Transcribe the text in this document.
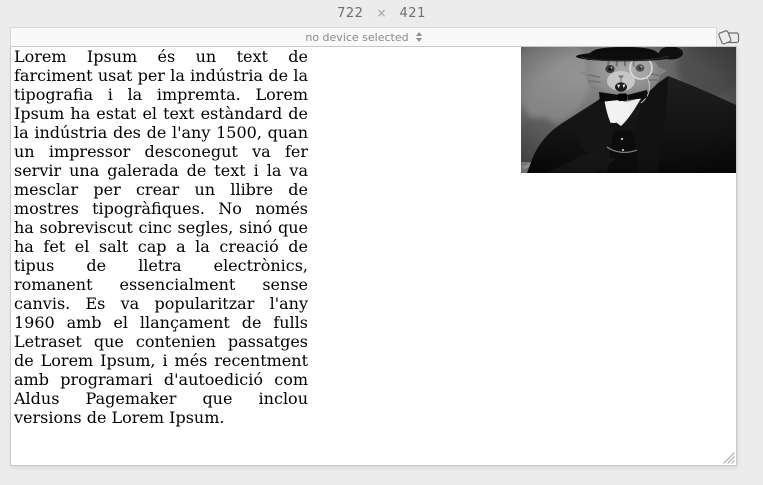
722 × 421
no device selected

Lorem Ipsum és un text de farciment usat per la indústria de la tipografia i la impremta. Lorem Ipsum ha estat el text estàndard de la indústria des de l'any 1500, quan un impressor desconegut va fer servir una galerada de text i la va mesclar per crear un llibre de mostres tipogràfiques. No només ha sobreviscut cinc segles, sinó que ha fet el salt cap a la creació de tipus de lletra electrònics, romanent essencialment sense canvis. Es va popularitzar l'any 1960 amb el llançament de fulls Letraset que contenien passatges de Lorem Ipsum, i més recentment amb programari d'autoedició com Aldus Pagemaker que inclou versions de Lorem Ipsum.
